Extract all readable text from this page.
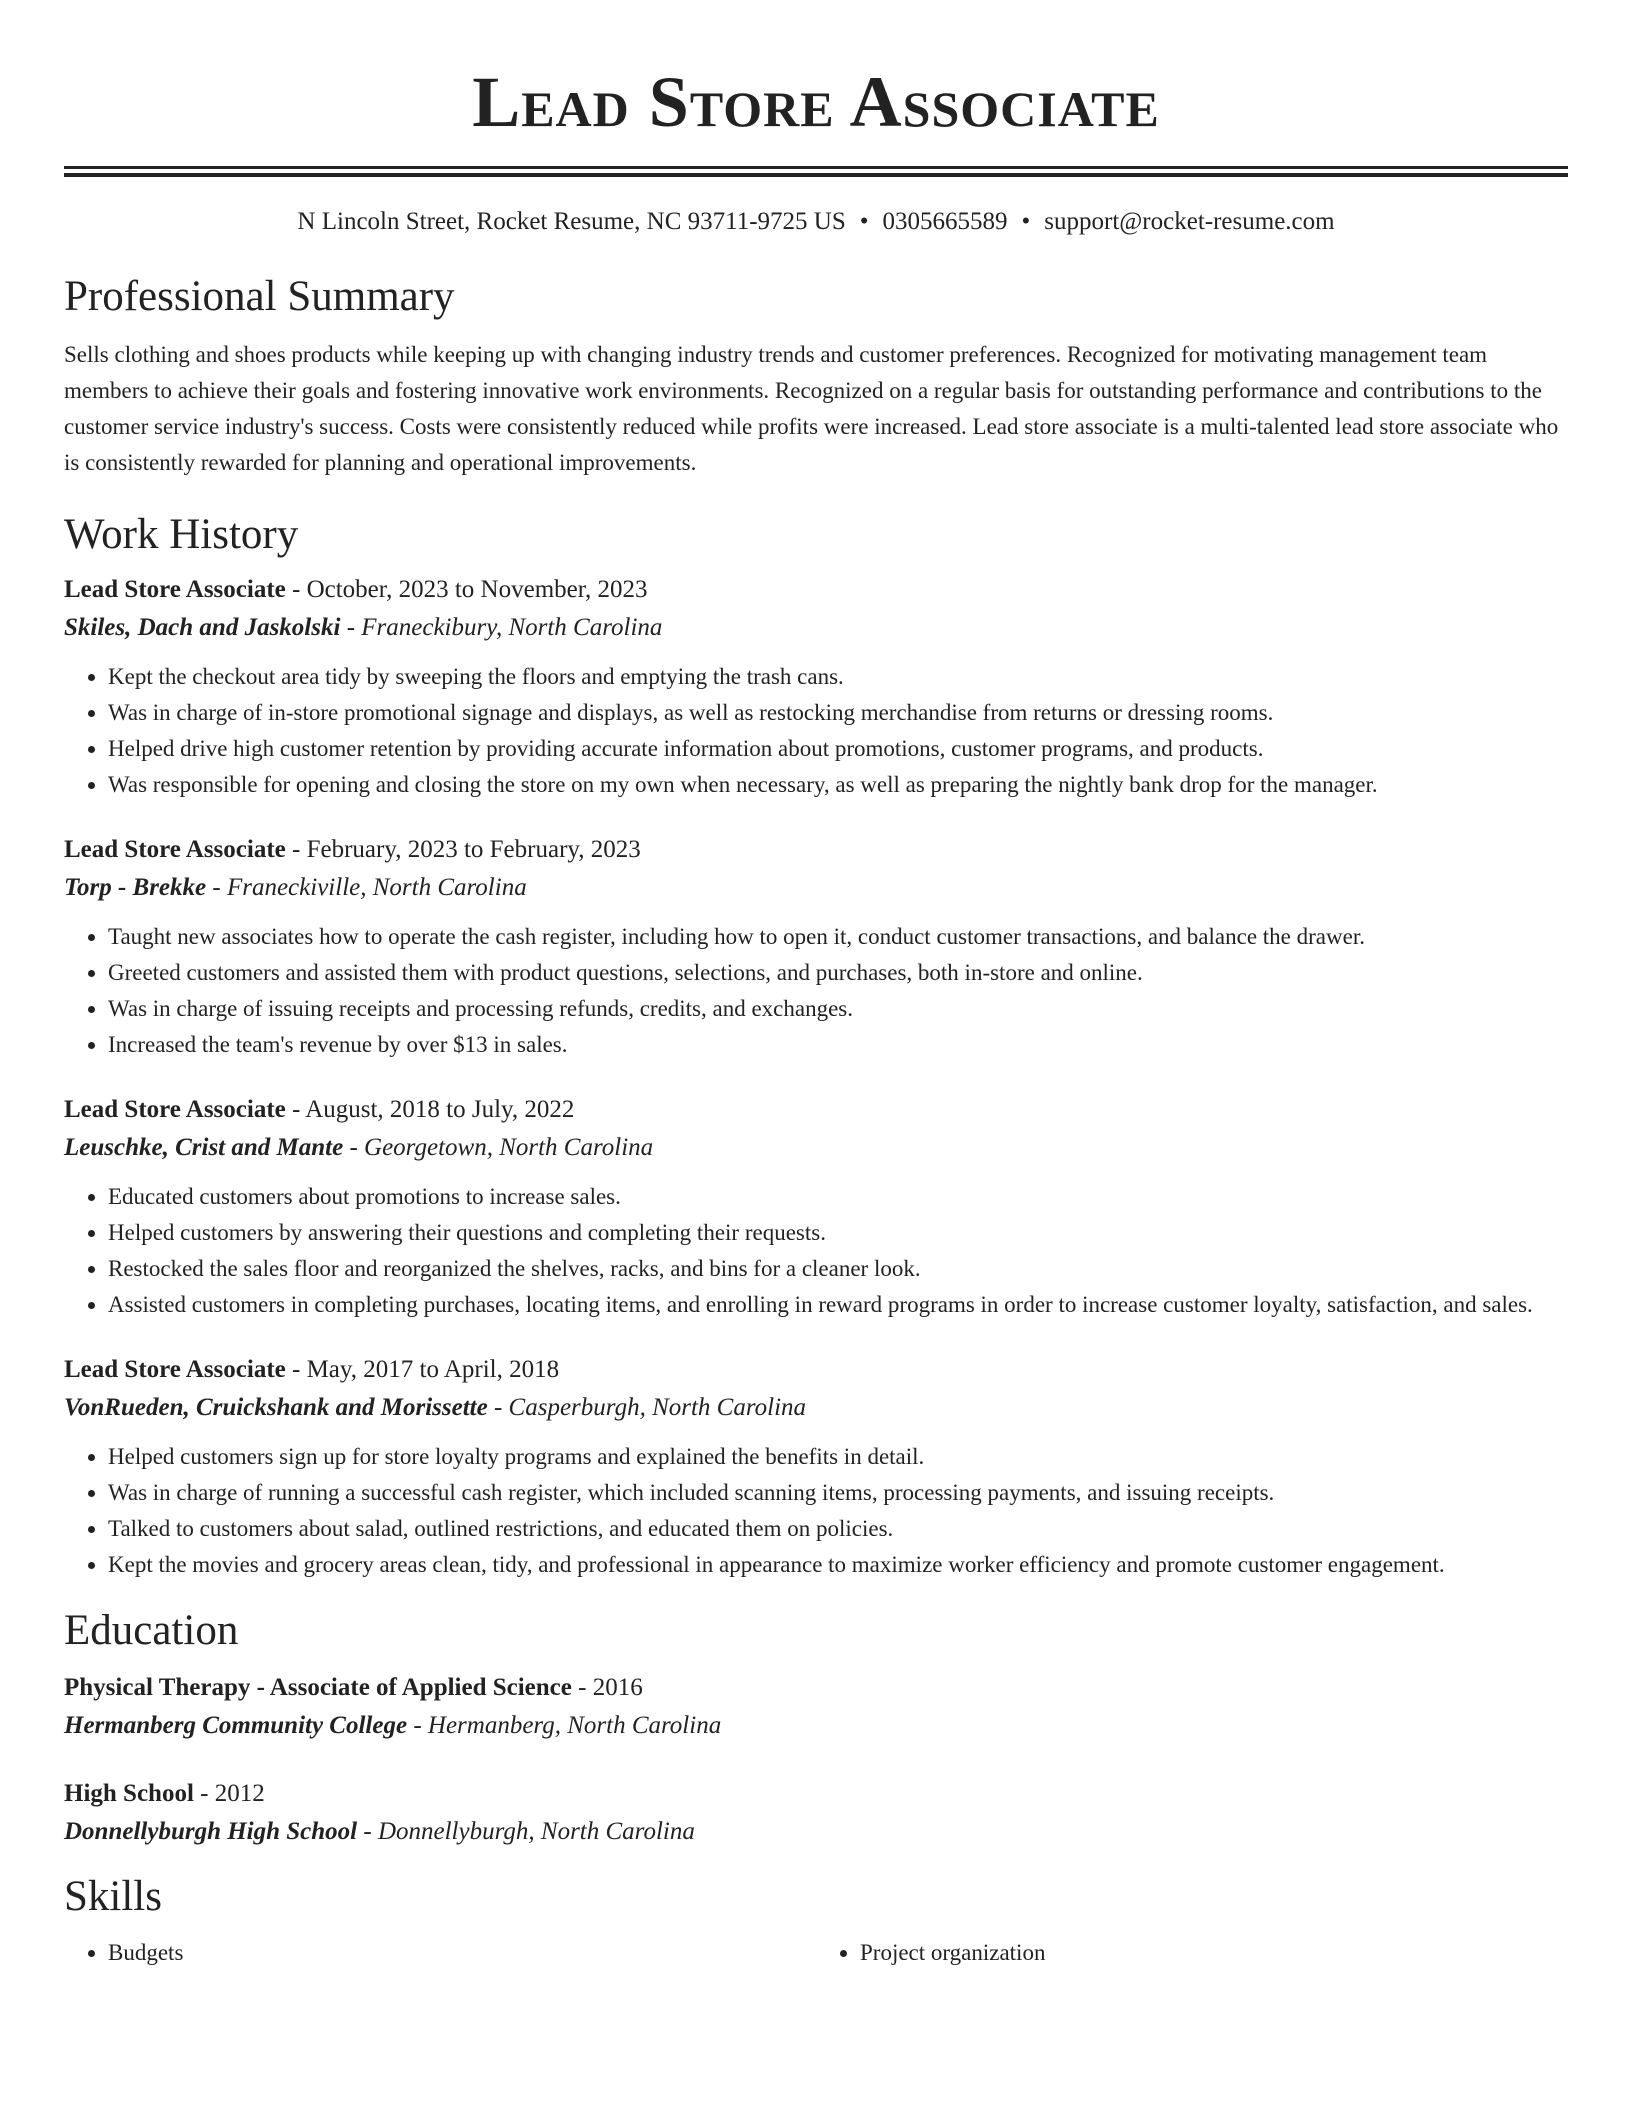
Lead Store Associate
N Lincoln Street, Rocket Resume, NC 93711-9725 US • 0305665589 • support@rocket-resume.com
Professional Summary
Sells clothing and shoes products while keeping up with changing industry trends and customer preferences. Recognized for motivating management team members to achieve their goals and fostering innovative work environments. Recognized on a regular basis for outstanding performance and contributions to the customer service industry's success. Costs were consistently reduced while profits were increased. Lead store associate is a multi-talented lead store associate who is consistently rewarded for planning and operational improvements.
Work History
Lead Store Associate - October, 2023 to November, 2023
Skiles, Dach and Jaskolski - Franeckibury, North Carolina
• Kept the checkout area tidy by sweeping the floors and emptying the trash cans.
• Was in charge of in-store promotional signage and displays, as well as restocking merchandise from returns or dressing rooms.
• Helped drive high customer retention by providing accurate information about promotions, customer programs, and products.
• Was responsible for opening and closing the store on my own when necessary, as well as preparing the nightly bank drop for the manager.
Lead Store Associate - February, 2023 to February, 2023
Torp - Brekke - Franeckiville, North Carolina
• Taught new associates how to operate the cash register, including how to open it, conduct customer transactions, and balance the drawer.
• Greeted customers and assisted them with product questions, selections, and purchases, both in-store and online.
• Was in charge of issuing receipts and processing refunds, credits, and exchanges.
• Increased the team's revenue by over $13 in sales.
Lead Store Associate - August, 2018 to July, 2022
Leuschke, Crist and Mante - Georgetown, North Carolina
• Educated customers about promotions to increase sales.
• Helped customers by answering their questions and completing their requests.
• Restocked the sales floor and reorganized the shelves, racks, and bins for a cleaner look.
• Assisted customers in completing purchases, locating items, and enrolling in reward programs in order to increase customer loyalty, satisfaction, and sales.
Lead Store Associate - May, 2017 to April, 2018
VonRueden, Cruickshank and Morissette - Casperburgh, North Carolina
• Helped customers sign up for store loyalty programs and explained the benefits in detail.
• Was in charge of running a successful cash register, which included scanning items, processing payments, and issuing receipts.
• Talked to customers about salad, outlined restrictions, and educated them on policies.
• Kept the movies and grocery areas clean, tidy, and professional in appearance to maximize worker efficiency and promote customer engagement.
Education
Physical Therapy - Associate of Applied Science - 2016
Hermanberg Community College - Hermanberg, North Carolina
High School - 2012
Donnellyburgh High School - Donnellyburgh, North Carolina
Skills
• Budgets
•	Project organization
